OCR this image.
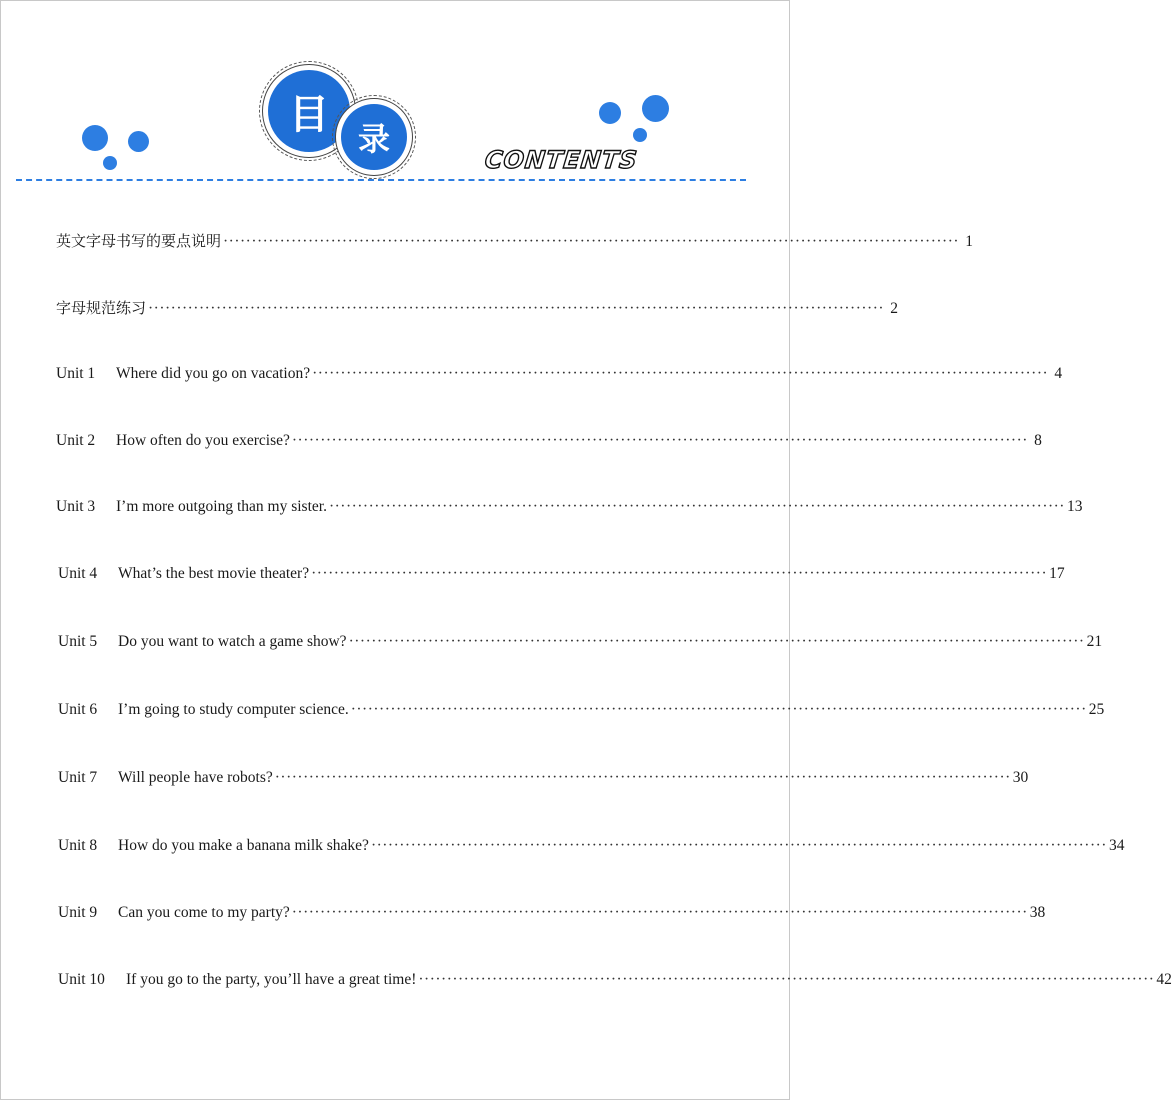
目
录
CONTENTS
英文字母书写的要点说明 ·································································································································· 1
字母规范练习 ·································································································································· 2
Unit 1	Where did you go on vacation? ·································································································································· 4
Unit 2	How often do you exercise? ·································································································································· 8
Unit 3	I’m more outgoing than my sister. ·································································································································· 13
Unit 4	What’s the best movie theater? ·································································································································· 17
Unit 5	Do you want to watch a game show? ·································································································································· 21
Unit 6	I’m going to study computer science. ·································································································································· 25
Unit 7	Will people have robots? ·································································································································· 30
Unit 8	How do you make a banana milk shake? ·································································································································· 34
Unit 9	Can you come to my party? ·································································································································· 38
Unit 10	If you go to the party, you’ll have a great time! ·································································································································· 42
